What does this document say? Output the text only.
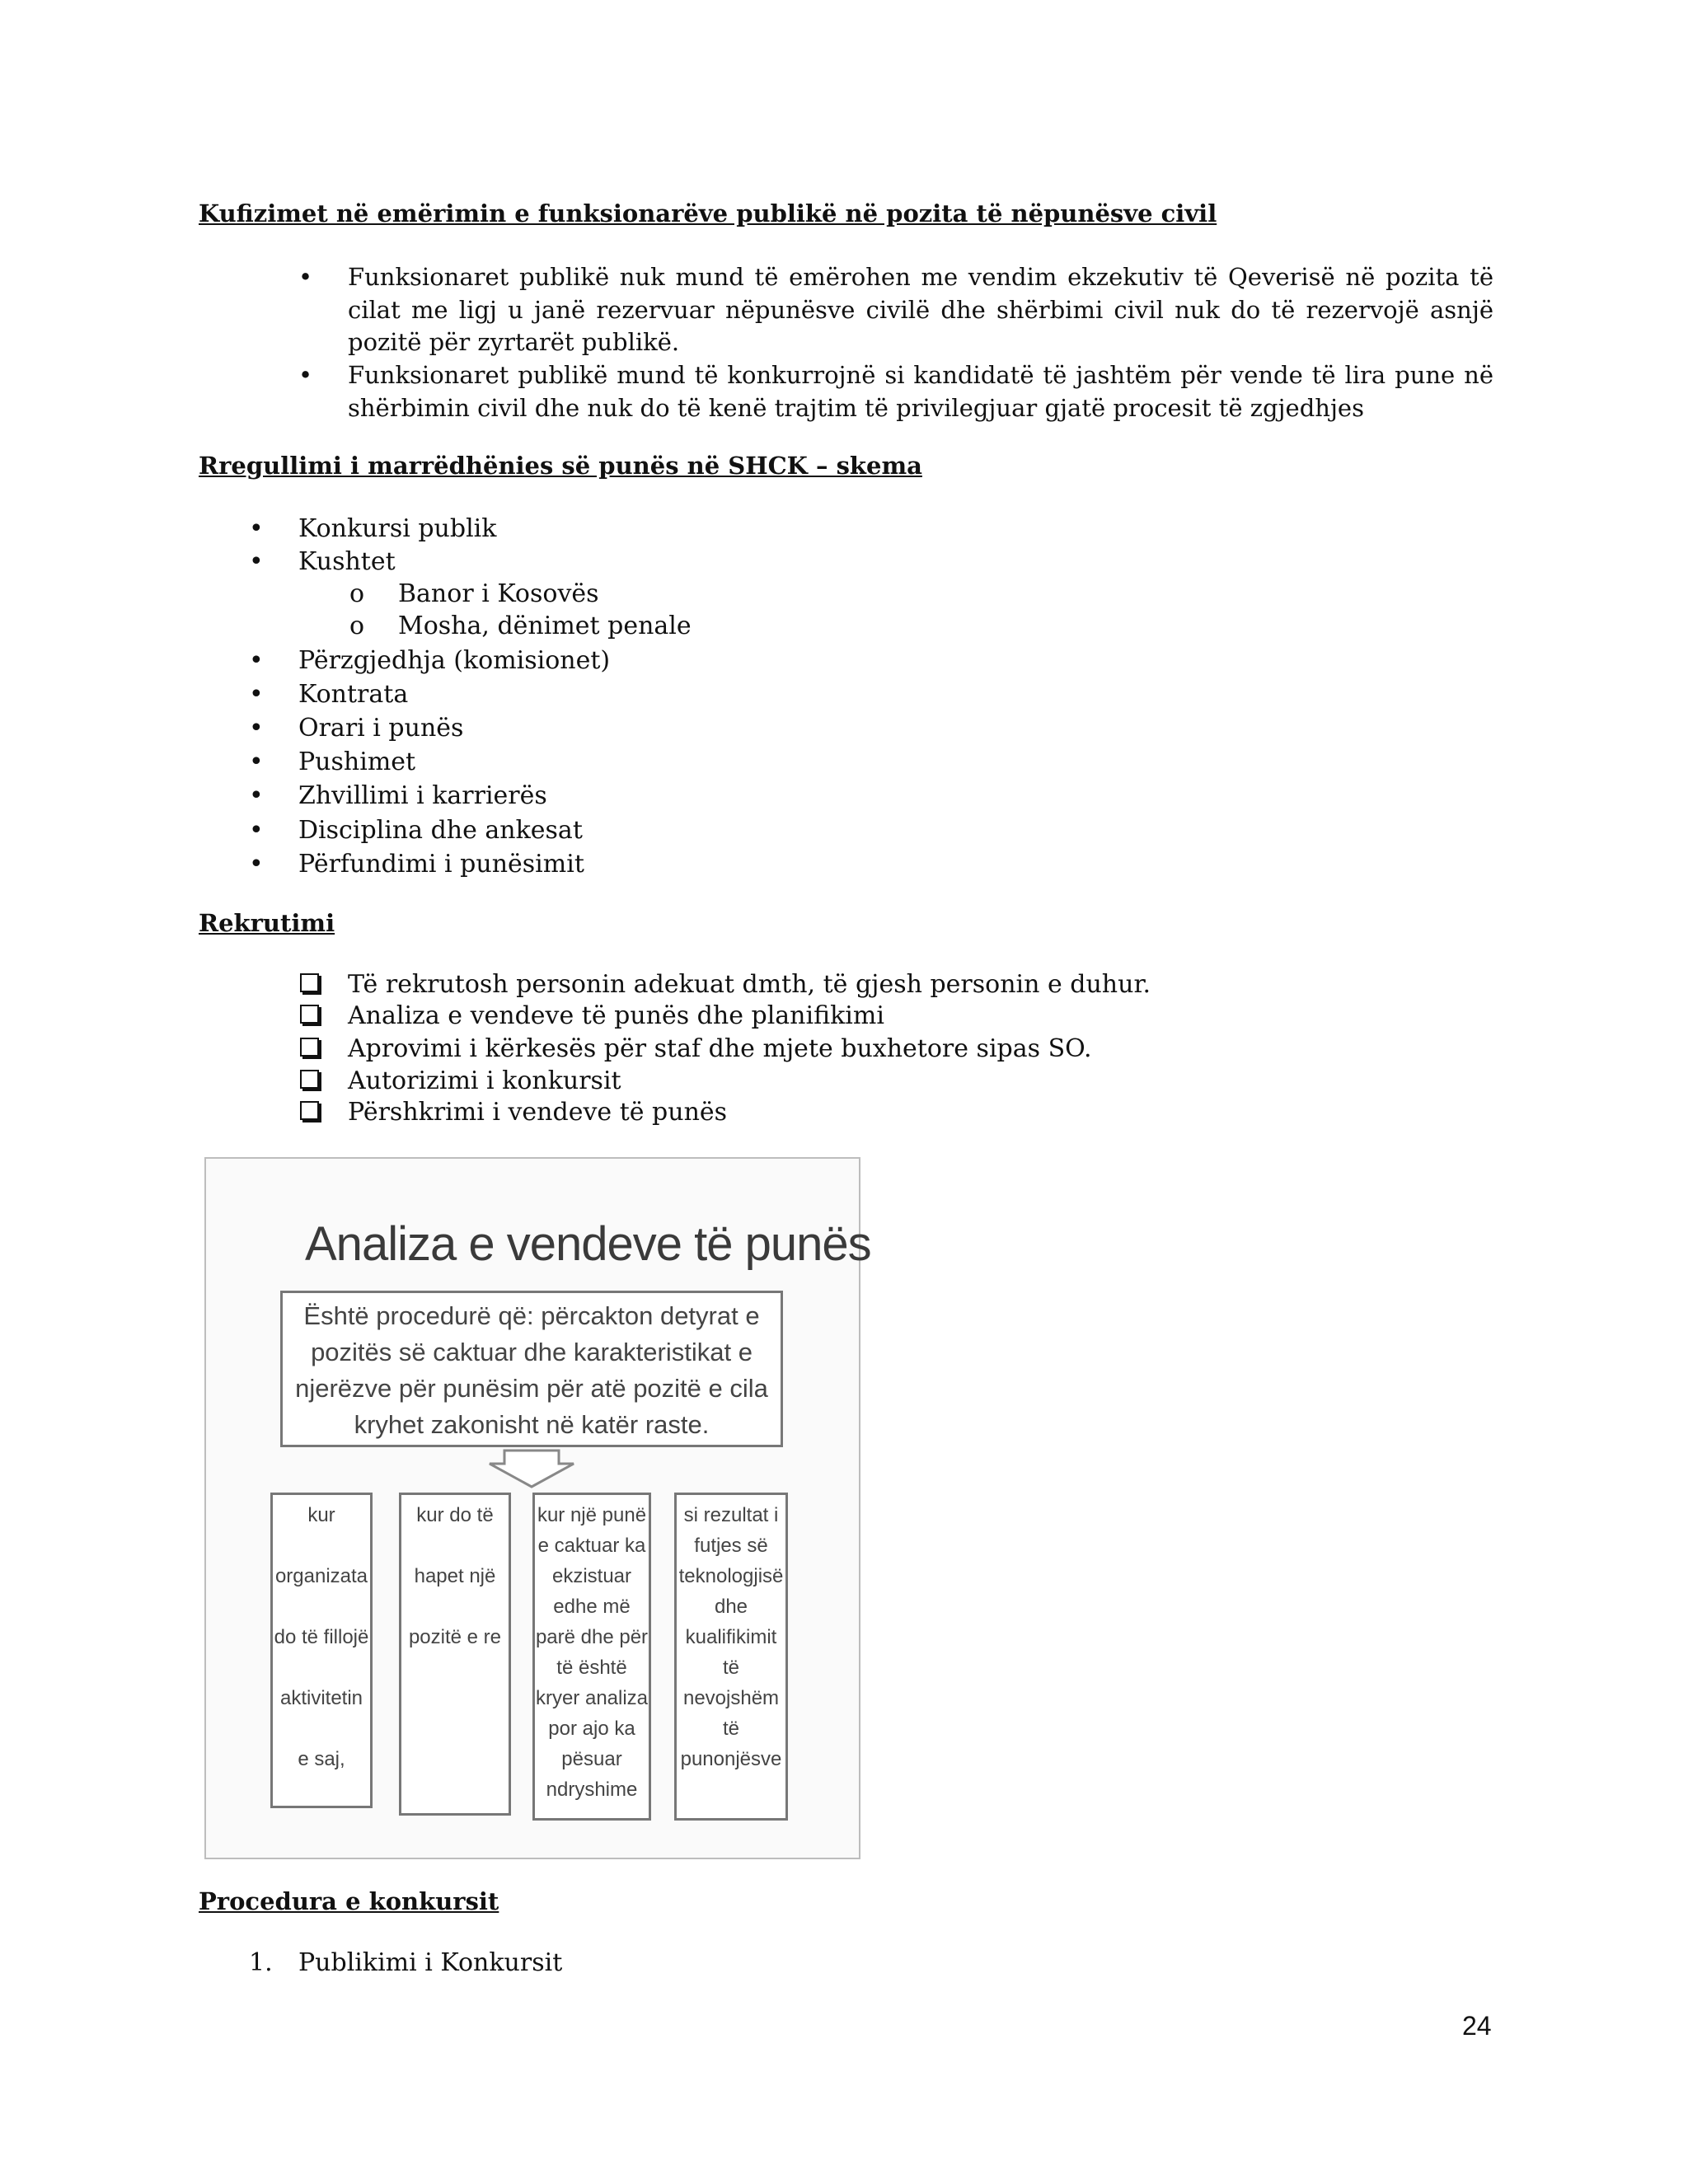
Kufizimet në emërimin e funksionarëve publikë në pozita të nëpunësve civil
• Funksionaret publikë nuk mund të emërohen me vendim ekzekutiv të Qeverisë në pozita të cilat me ligj u janë rezervuar nëpunësve civilë dhe shërbimi civil nuk do të rezervojë asnjë pozitë për zyrtarët publikë.

• Funksionaret publikë mund të konkurrojnë si kandidatë të jashtëm për vende të lira pune në shërbimin civil dhe nuk do të kenë trajtim të privilegjuar gjatë procesit të zgjedhjes

Rregullimi i marrëdhënies së punës në SHCK – skema
• Konkursi publik
• Kushtet
o Banor i Kosovës
o Mosha, dënimet penale
• Përzgjedhja (komisionet)
• Kontrata
• Orari i punës
• Pushimet
• Zhvillimi i karrierës
• Disciplina dhe ankesat
• Përfundimi i punësimit
Rekrutimi
Të rekrutosh personin adekuat dmth, të gjesh personin e duhur.
Analiza e vendeve të punës dhe planifikimi
Aprovimi i kërkesës për staf dhe mjete buxhetore sipas SO.
Autorizimi i konkursit
Përshkrimi i vendeve të punës
Analiza e vendeve të punës
Është procedurë që: përcakton detyrat e pozitës së caktuar dhe karakteristikat e njerëzve për punësim për atë pozitë e cila kryhet zakonisht në katër raste.
kur

organizata

do të fillojë

aktivitetin

e saj,
kur do të

hapet një

pozitë e re
kur një punë
e caktuar ka
ekzistuar
edhe më
parë dhe për
të është
kryer analiza
por ajo ka
pësuar
ndryshime
si rezultat i
futjes së
teknologjisë
dhe
kualifikimit
të
nevojshëm
të
punonjësve
Procedura e konkursit
1. Publikimi i Konkursit
24
